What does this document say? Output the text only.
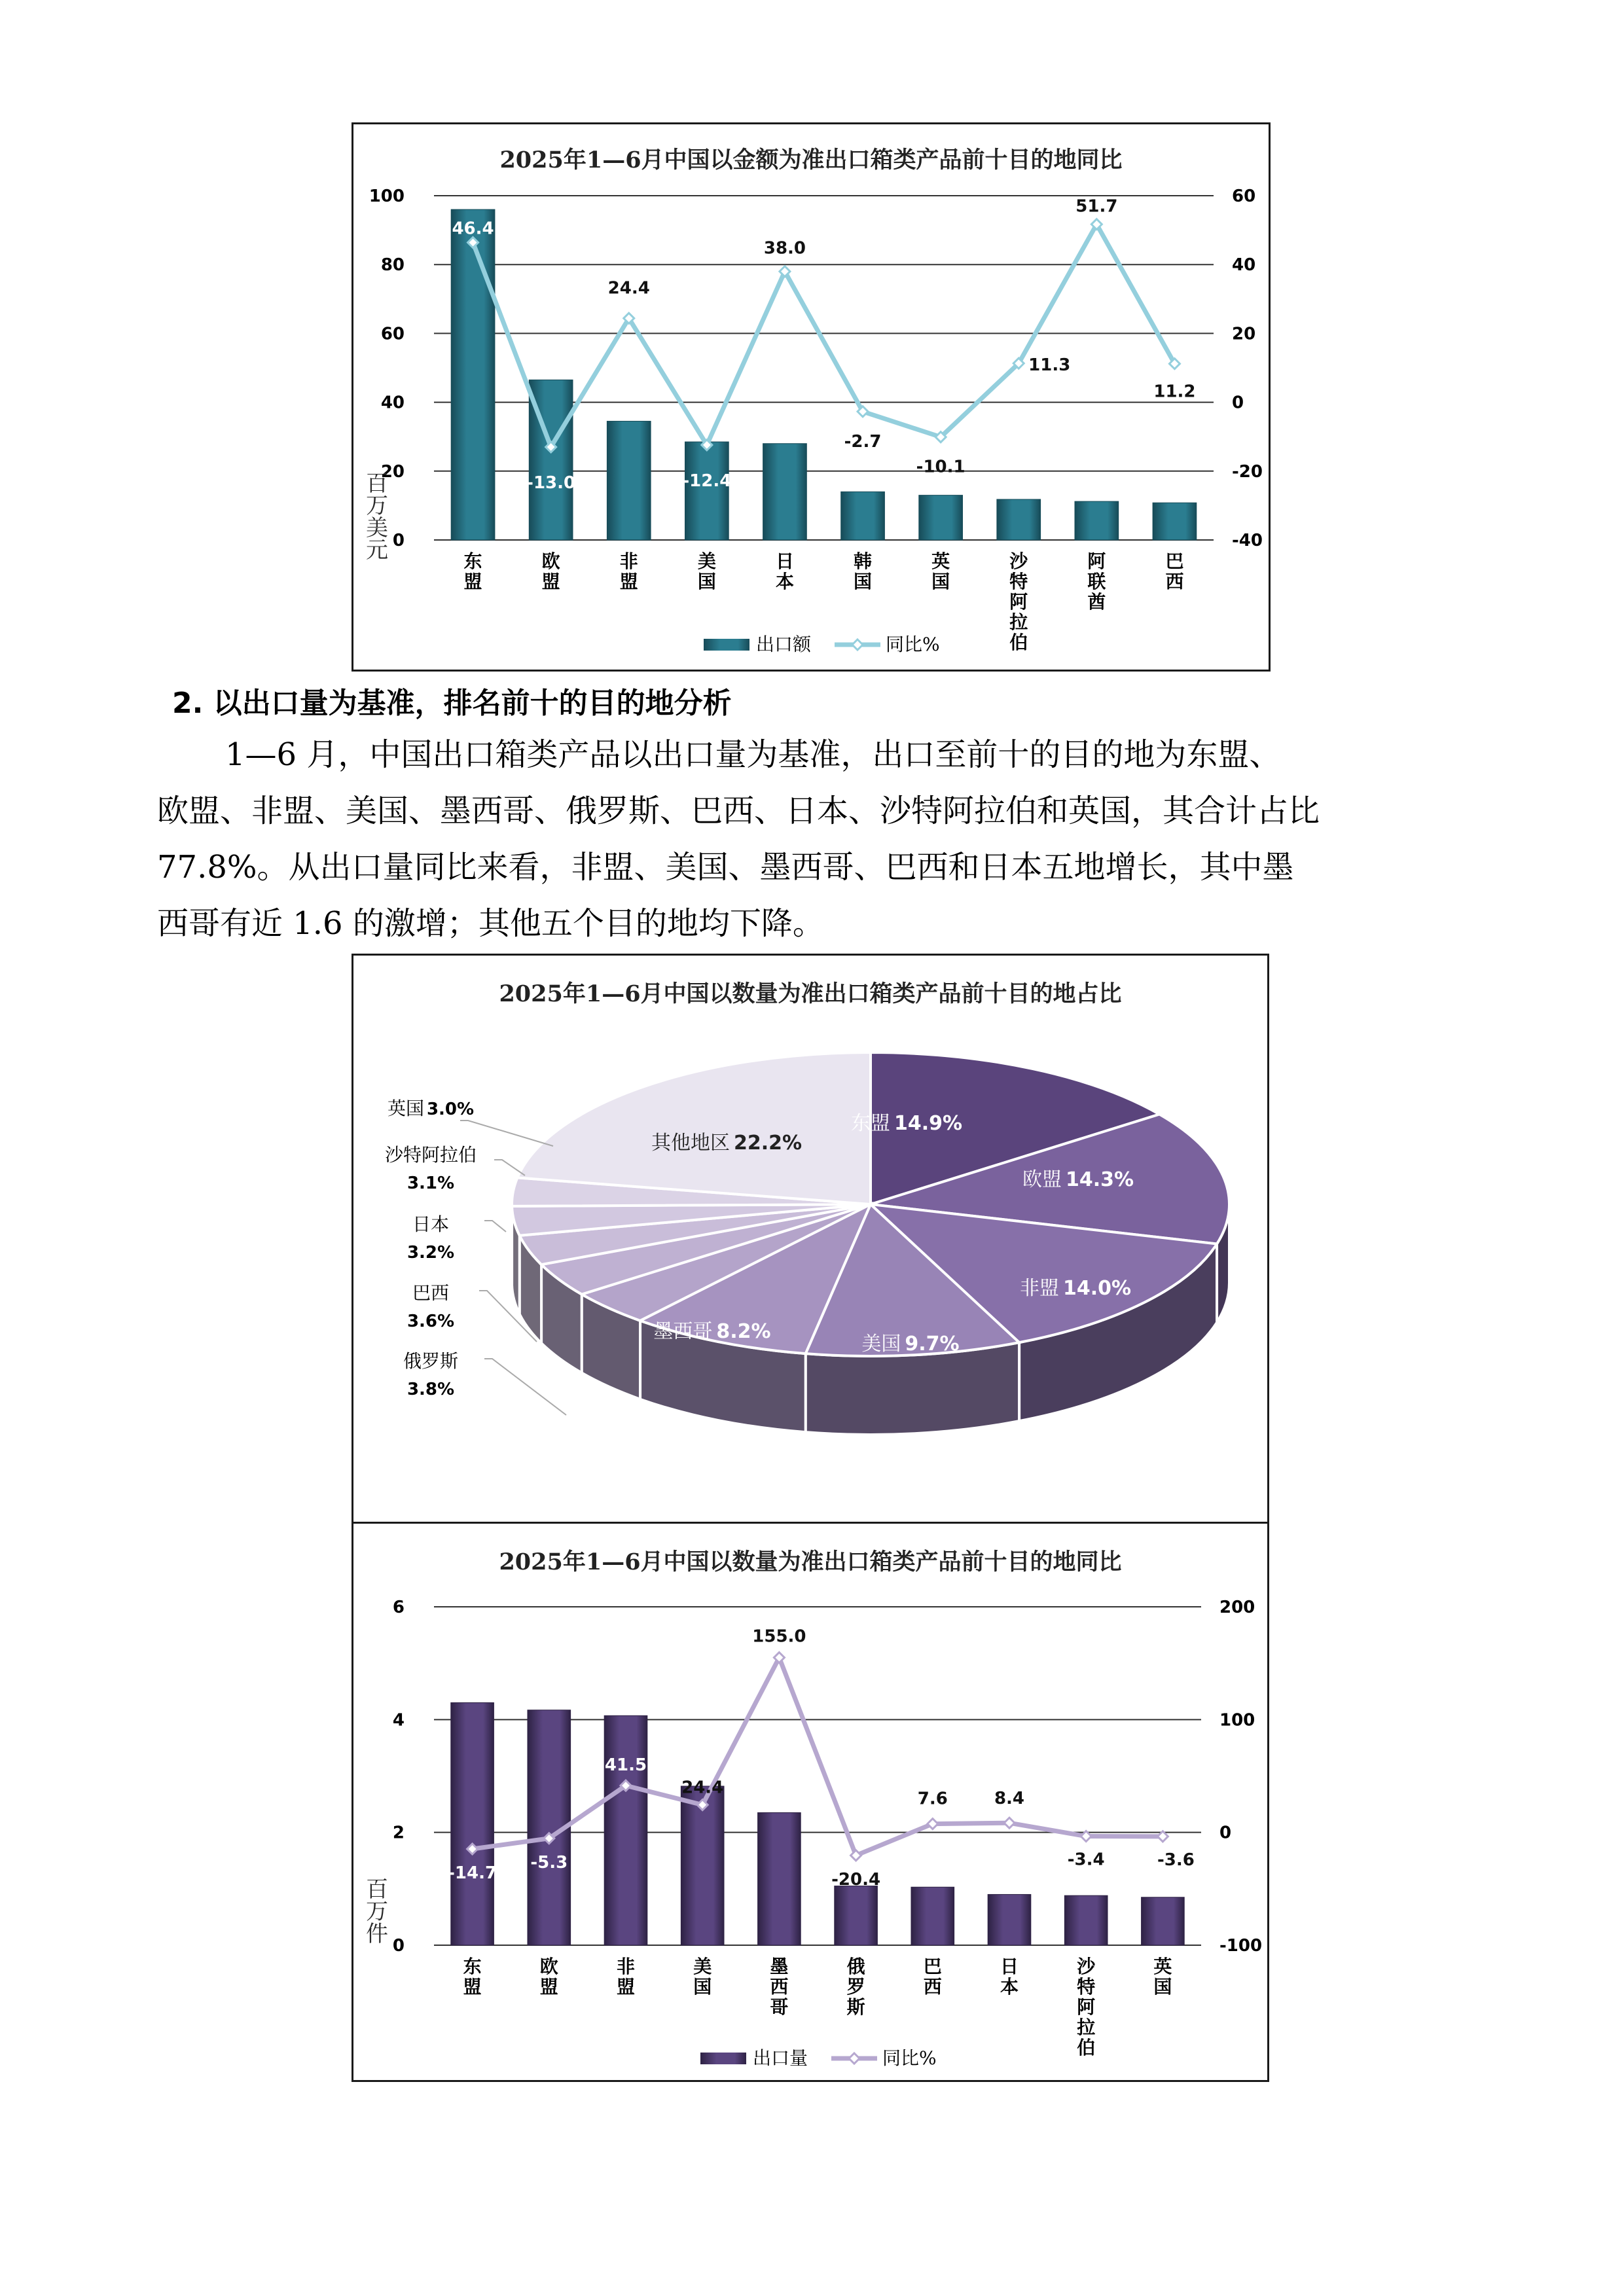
2025年1—6月中国以金额为准出口箱类产品前十目的地同比
0
20
40
60
80
100
-40
-20
0
20
40
60
百万美元	东盟
欧盟
非盟
美国
日本
韩国
英国
沙特阿拉伯
阿联酋
巴西
46.4
-13.0
24.4
-12.4
38.0
-2.7
-10.1
11.3
51.7
11.2
出口额	同比%
2. 以出口量为基准，排名前十的目的地分析

1—6 月，中国出口箱类产品以出口量为基准，出口至前十的目的地为东盟、
欧盟、非盟、美国、墨西哥、俄罗斯、巴西、日本、沙特阿拉伯和英国，其合计占比
77.8%。从出口量同比来看，非盟、美国、墨西哥、巴西和日本五地增长，其中墨
西哥有近 1.6 的激增；其他五个目的地均下降。

2025年1—6月中国以数量为准出口箱类产品前十目的地占比
东盟 14.9%
欧盟 14.3%
非盟 14.0%
美国 9.7%
墨西哥 8.2%
其他地区 22.2%
英国 3.0%
沙特阿拉伯
3.1%
日本
3.2%
巴西
3.6%
俄罗斯
3.8%
2025年1—6月中国以数量为准出口箱类产品前十目的地同比
0
2
4
6
-100
0
100
200
百万件
东盟
欧盟
非盟
美国
墨西哥
俄罗斯
巴西
日本
沙特阿拉伯
英国
-14.7
-5.3
41.5
24.4
155.0
-20.4
7.6	8.4
-3.4	-3.6
出口量	同比%
